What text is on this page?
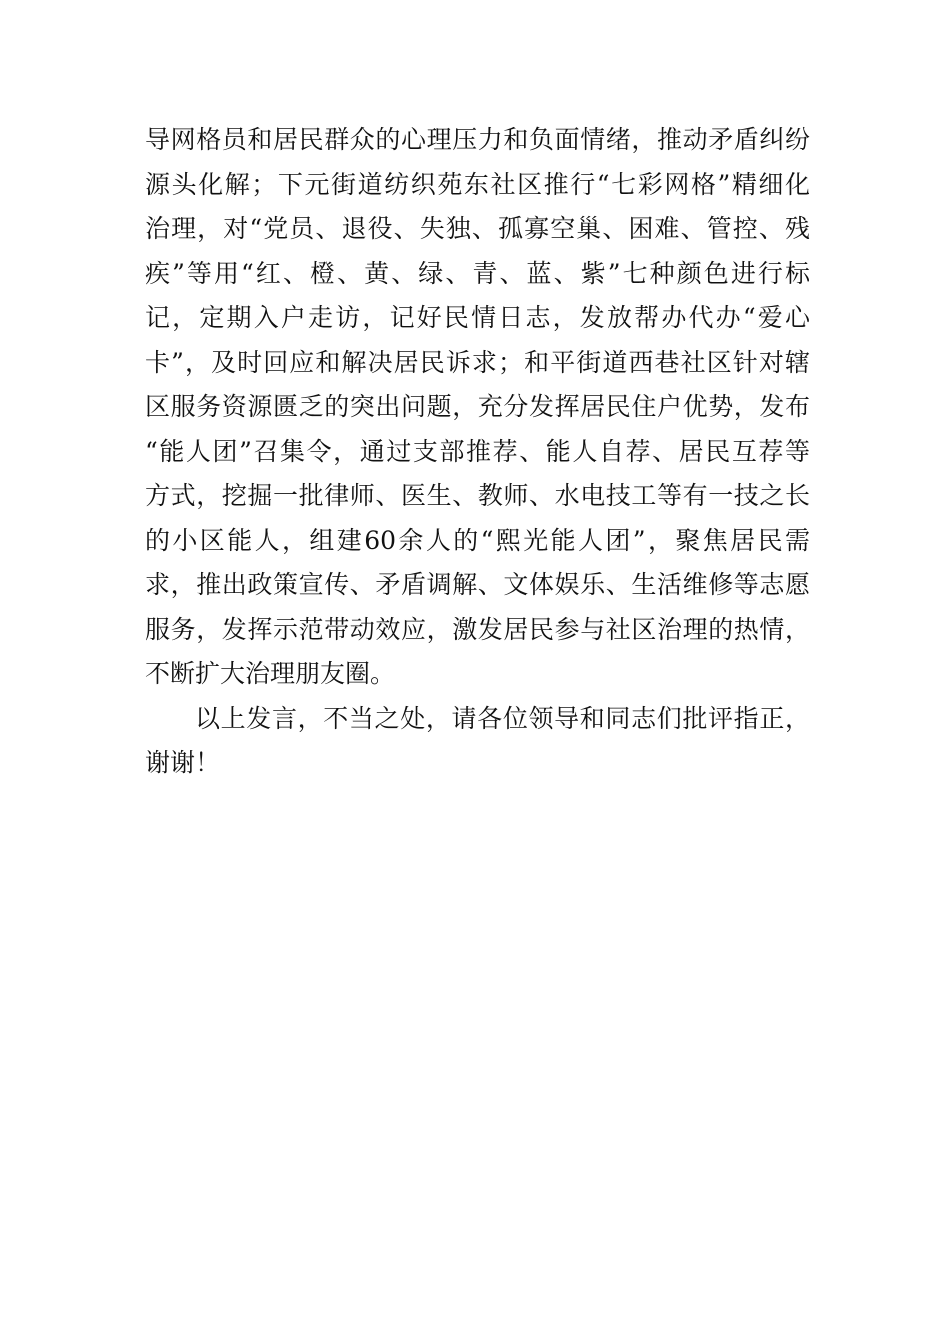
导网格员和居民群众的心理压力和负面情绪，推动矛盾纠纷
源头化解；下元街道纺织苑东社区推行“七彩网格”精细化
治理，对“党员、退役、失独、孤寡空巢、困难、管控、残
疾”等用“红、橙、黄、绿、青、蓝、紫”七种颜色进行标
记，定期入户走访，记好民情日志，发放帮办代办“爱心
卡”，及时回应和解决居民诉求；和平街道西巷社区针对辖
区服务资源匮乏的突出问题，充分发挥居民住户优势，发布
“能人团”召集令，通过支部推荐、能人自荐、居民互荐等
方式，挖掘一批律师、医生、教师、水电技工等有一技之长
的小区能人，组建60余人的“熙光能人团”，聚焦居民需
求，推出政策宣传、矛盾调解、文体娱乐、生活维修等志愿
服务，发挥示范带动效应，激发居民参与社区治理的热情，
不断扩大治理朋友圈。
以上发言，不当之处，请各位领导和同志们批评指正，
谢谢！
